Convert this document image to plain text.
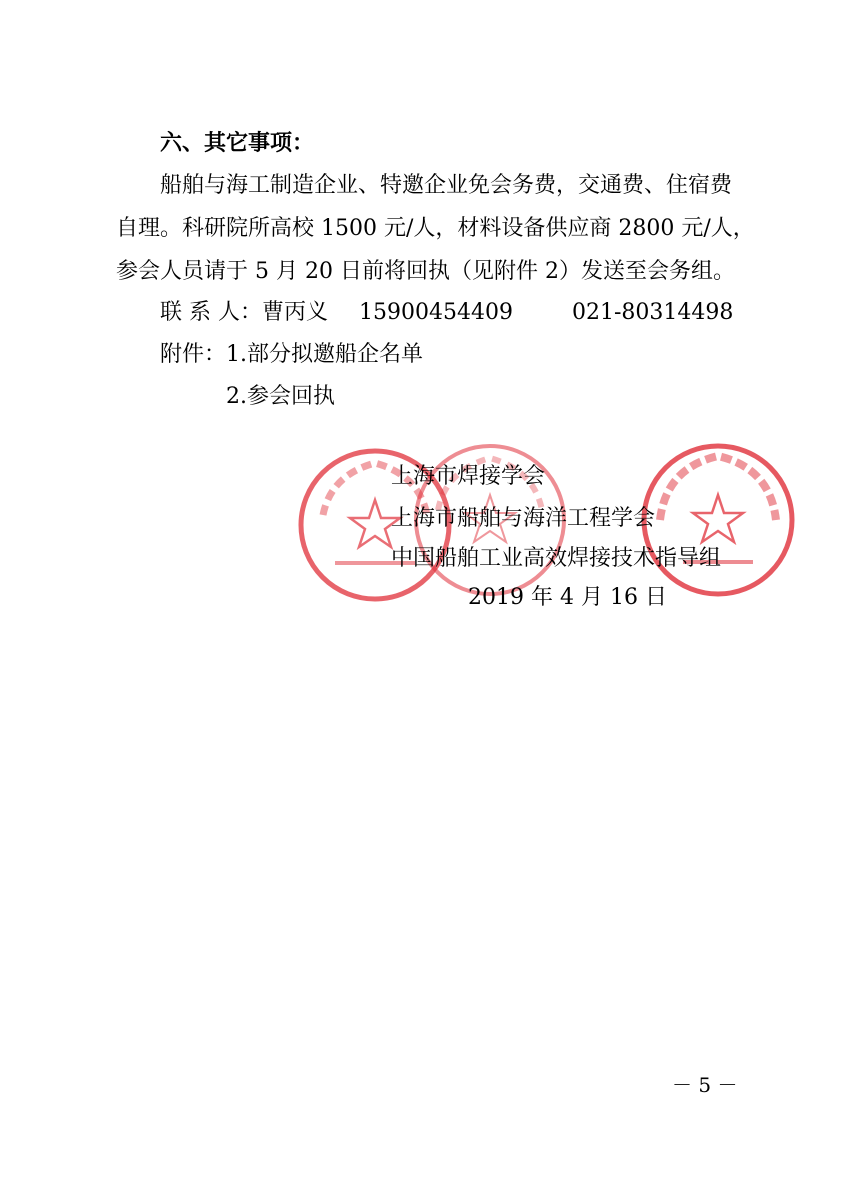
六、其它事项：
船舶与海工制造企业、特邀企业免会务费，交通费、住宿费
自理。科研院所高校 1500 元/人，材料设备供应商 2800 元/人，
参会人员请于 5 月 20 日前将回执（见附件 2）发送至会务组。
联 系 人：曹丙义 15900454409	021-80314498
附件：1.部分拟邀船企名单
2.参会回执
上海市焊接学会
上海市船舶与海洋工程学会
中国船舶工业高效焊接技术指导组
2019 年 4 月 16 日
－ 5 －
